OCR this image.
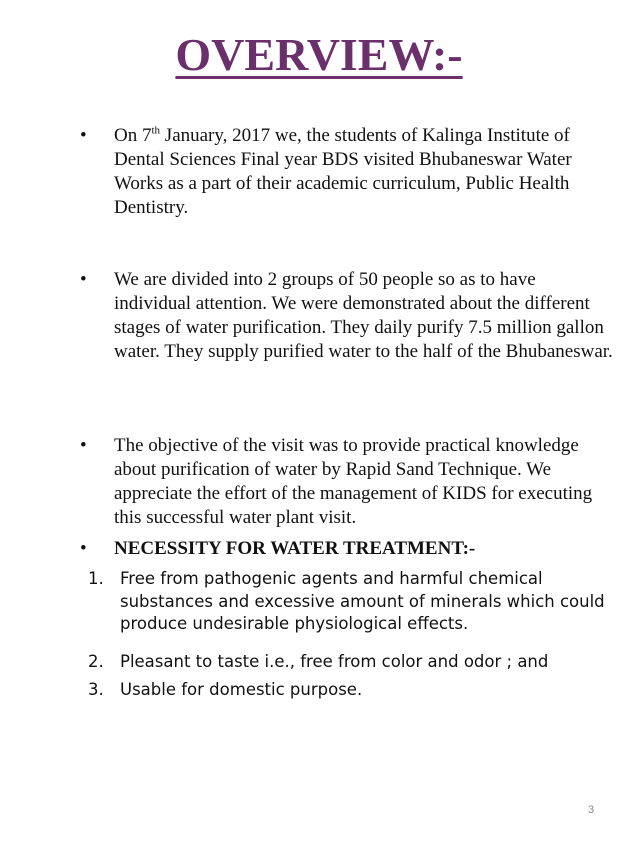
OVERVIEW:-
• On 7th January, 2017 we, the students of Kalinga Institute of Dental Sciences Final year BDS visited Bhubaneswar Water Works as a part of their academic curriculum, Public Health Dentistry.
• We are divided into 2 groups of 50 people so as to have individual attention. We were demonstrated about the different stages of water purification. They daily purify 7.5 million gallon water. They supply purified water to the half of the Bhubaneswar.
• The objective of the visit was to provide practical knowledge about purification of water by Rapid Sand Technique. We appreciate the effort of the management of KIDS for executing this successful water plant visit.
• NECESSITY FOR WATER TREATMENT:-
1. Free from pathogenic agents and harmful chemical substances and excessive amount of minerals which could produce undesirable physiological effects.
2. Pleasant to taste i.e., free from color and odor ; and
3. Usable for domestic purpose.
3
